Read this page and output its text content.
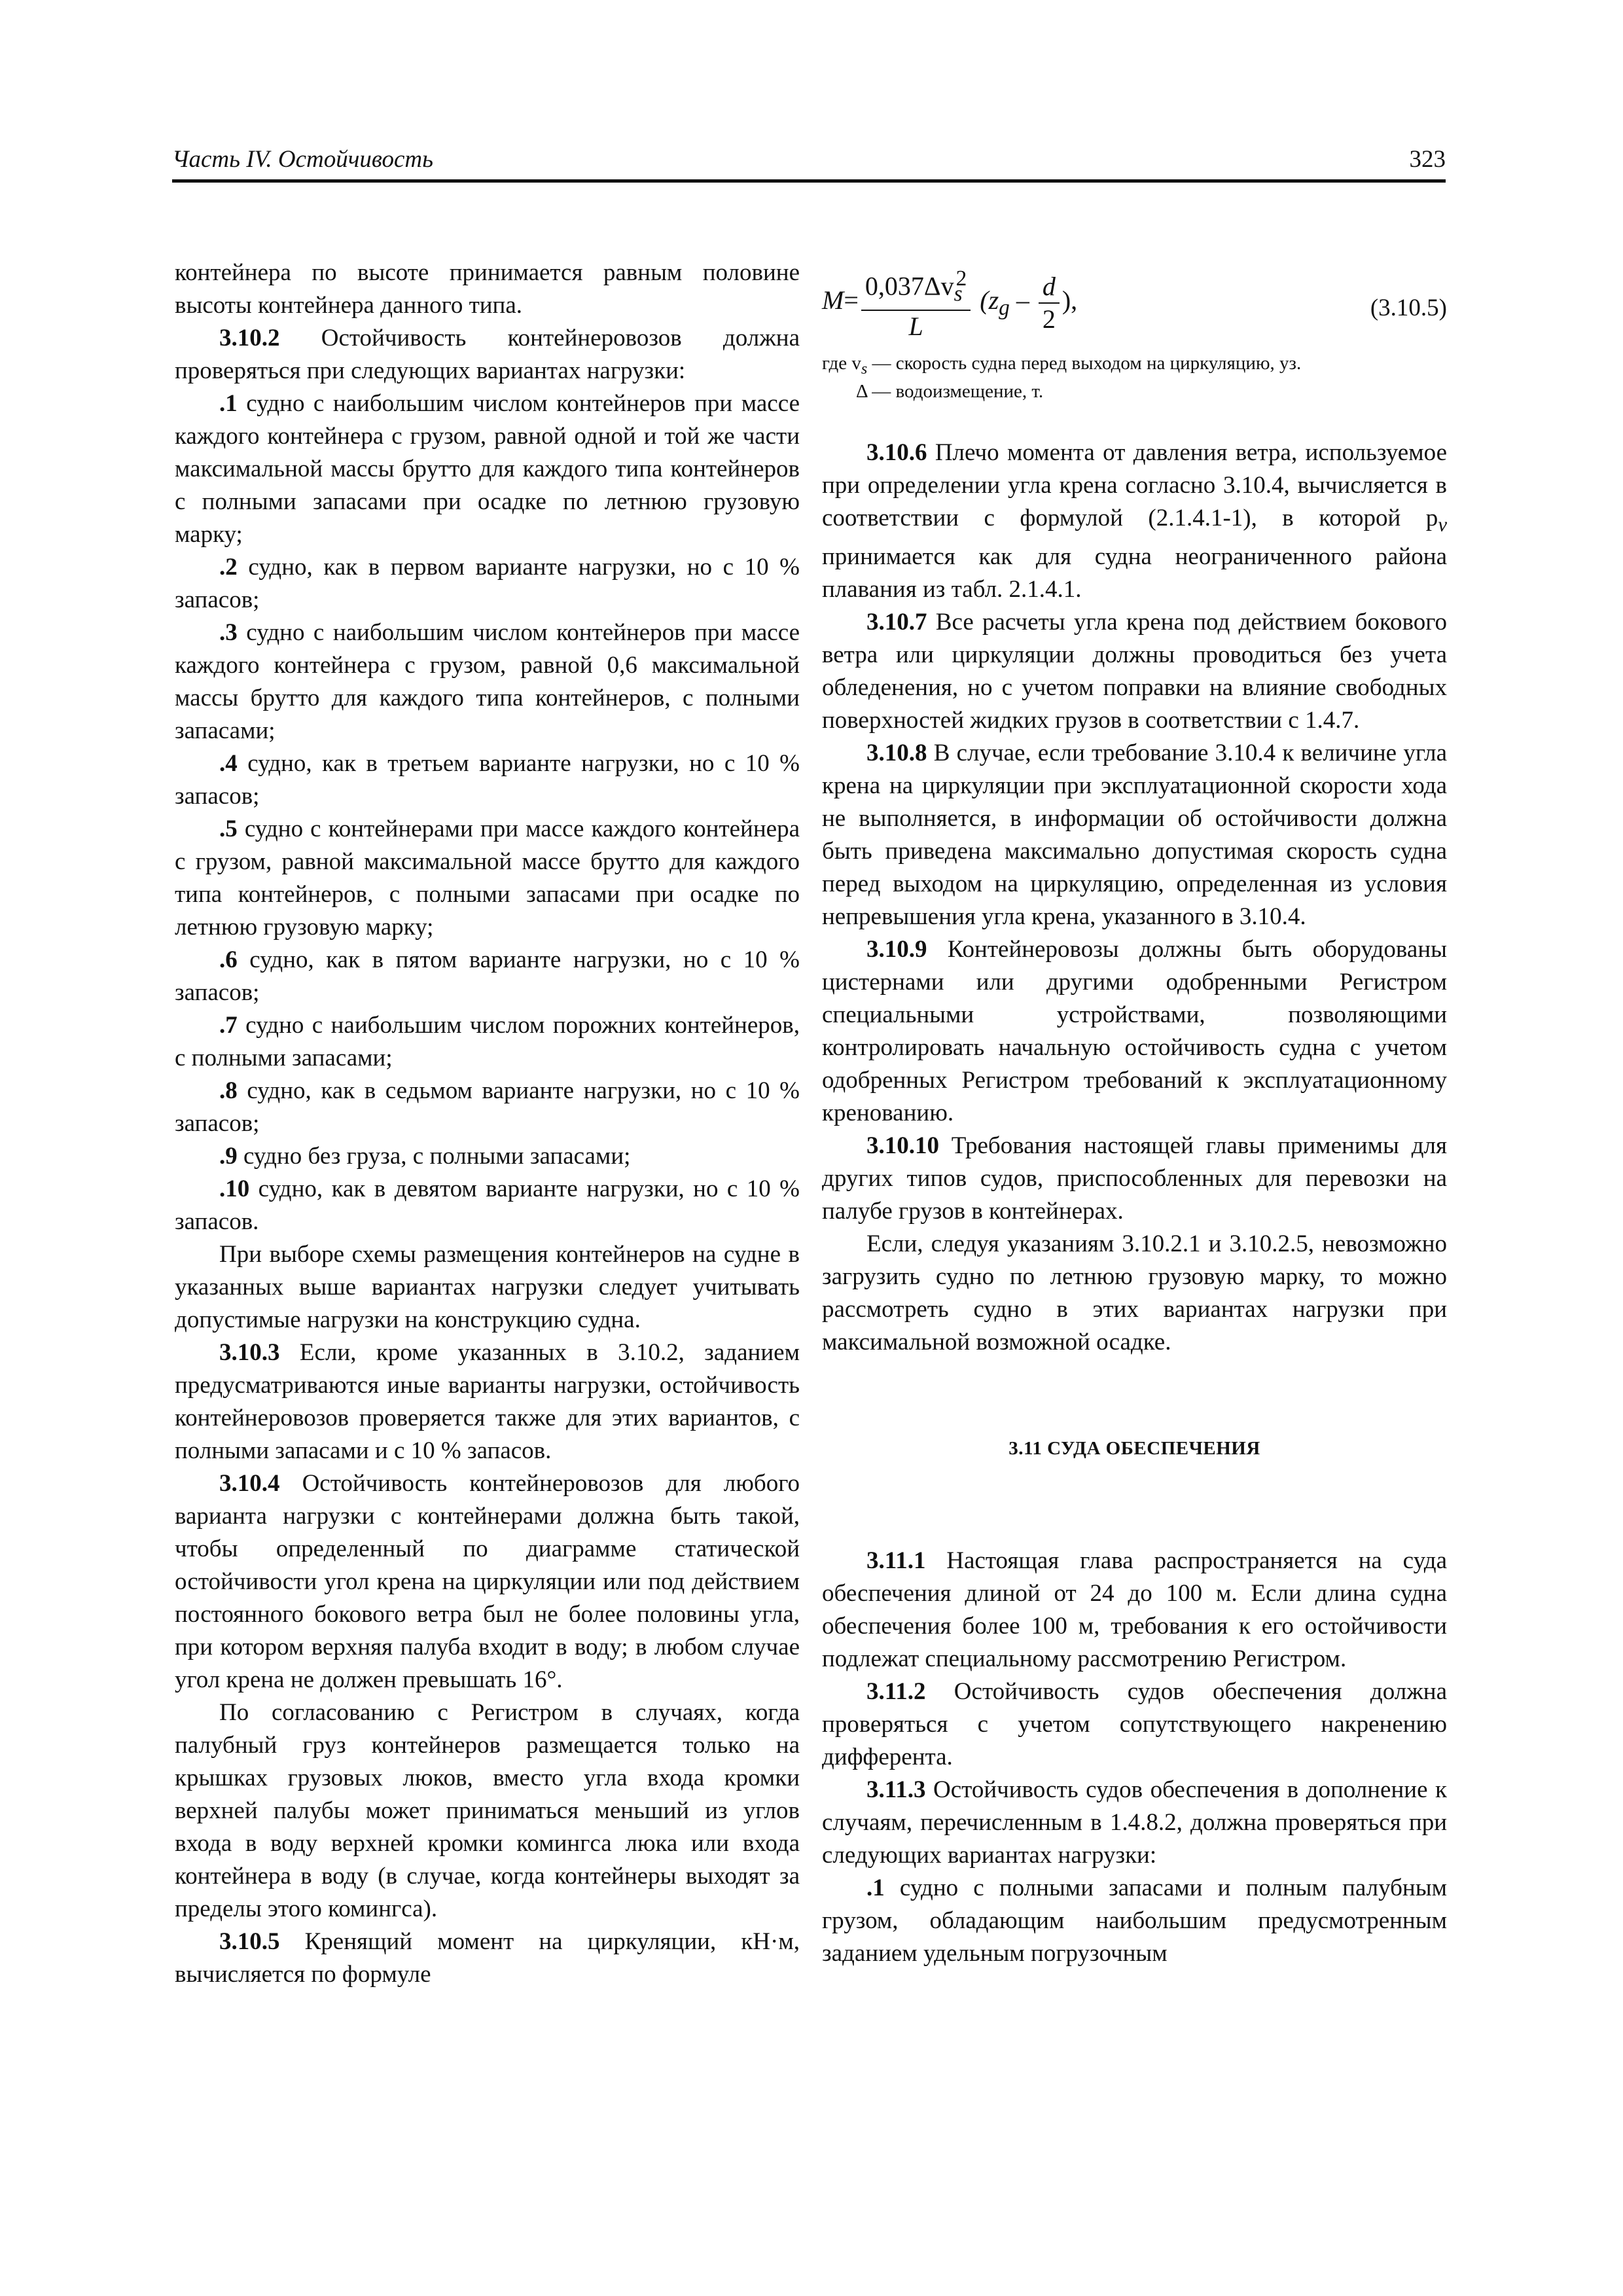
Часть IV. Остойчивость	323

контейнера по высоте принимается равным половине высоты контейнера данного типа.

3.10.2 Остойчивость контейнеровозов должна проверяться при следующих вариантах нагрузки:

.1 судно с наибольшим числом контейнеров при массе каждого контейнера с грузом, равной одной и той же части максимальной массы брутто для каждого типа контейнеров с полными запасами при осадке по летнюю грузовую марку;

.2 судно, как в первом варианте нагрузки, но с 10 % запасов;

.3 судно с наибольшим числом контейнеров при массе каждого контейнера с грузом, равной 0,6 максимальной массы брутто для каждого типа контейнеров, с полными запасами;

.4 судно, как в третьем варианте нагрузки, но с 10 % запасов;

.5 судно с контейнерами при массе каждого контейнера с грузом, равной максимальной массе брутто для каждого типа контейнеров, с полными запасами при осадке по летнюю грузовую марку;

.6 судно, как в пятом варианте нагрузки, но с 10 % запасов;

.7 судно с наибольшим числом порожних контейнеров, с полными запасами;

.8 судно, как в седьмом варианте нагрузки, но с 10 % запасов;

.9 судно без груза, с полными запасами;

.10 судно, как в девятом варианте нагрузки, но с 10 % запасов.

При выборе схемы размещения контейнеров на судне в указанных выше вариантах нагрузки следует учитывать допустимые нагрузки на конструкцию судна.

3.10.3 Если, кроме указанных в 3.10.2, заданием предусматриваются иные варианты нагрузки, остойчивость контейнеровозов проверяется также для этих вариантов, с полными запасами и с 10 % запасов.

3.10.4 Остойчивость контейнеровозов для любого варианта нагрузки с контейнерами должна быть такой, чтобы определенный по диаграмме статической остойчивости угол крена на циркуляции или под действием постоянного бокового ветра был не более половины угла, при котором верхняя палуба входит в воду; в любом случае угол крена не должен превышать 16°.

По согласованию с Регистром в случаях, когда палубный груз контейнеров размещается только на крышках грузовых люков, вместо угла входа кромки верхней палубы может приниматься меньший из углов входа в воду верхней кромки комингса люка или входа контейнера в воду (в случае, когда контейнеры выходят за пределы этого комингса).

3.10.5 Кренящий момент на циркуляции, кН·м, вычисляется по формуле

$M= \frac{0,037\Delta v_s^2}{L} (z_g - \frac{d}{2}$ ),	(3.10.5)
где $v_s$ — скорость судна перед выходом на циркуляцию, уз.
Δ — водоизмещение, т.

3.10.6 Плечо момента от давления ветра, используемое при определении угла крена согласно 3.10.4, вычисляется в соответствии с формулой (2.1.4.1-1), в которой $p_v$ принимается как для судна неограниченного района плавания из табл. 2.1.4.1.

3.10.7 Все расчеты угла крена под действием бокового ветра или циркуляции должны проводиться без учета обледенения, но с учетом поправки на влияние свободных поверхностей жидких грузов в соответствии с 1.4.7.

3.10.8 В случае, если требование 3.10.4 к величине угла крена на циркуляции при эксплуатационной скорости хода не выполняется, в информации об остойчивости должна быть приведена максимально допустимая скорость судна перед выходом на циркуляцию, определенная из условия непревышения угла крена, указанного в 3.10.4.

3.10.9 Контейнеровозы должны быть оборудованы цистернами или другими одобренными Регистром специальными устройствами, позволяющими контролировать начальную остойчивость судна с учетом одобренных Регистром требований к эксплуатационному кренованию.

3.10.10 Требования настоящей главы применимы для других типов судов, приспособленных для перевозки на палубе грузов в контейнерах.

Если, следуя указаниям 3.10.2.1 и 3.10.2.5, невозможно загрузить судно по летнюю грузовую марку, то можно рассмотреть судно в этих вариантах нагрузки при максимальной возможной осадке.

3.11 СУДА ОБЕСПЕЧЕНИЯ

3.11.1 Настоящая глава распространяется на суда обеспечения длиной от 24 до 100 м. Если длина судна обеспечения более 100 м, требования к его остойчивости подлежат специальному рассмотрению Регистром.

3.11.2 Остойчивость судов обеспечения должна проверяться с учетом сопутствующего накренению дифферента.

3.11.3 Остойчивость судов обеспечения в дополнение к случаям, перечисленным в 1.4.8.2, должна проверяться при следующих вариантах нагрузки:

.1 судно с полными запасами и полным палубным грузом, обладающим наибольшим предусмотренным заданием удельным погрузочным
